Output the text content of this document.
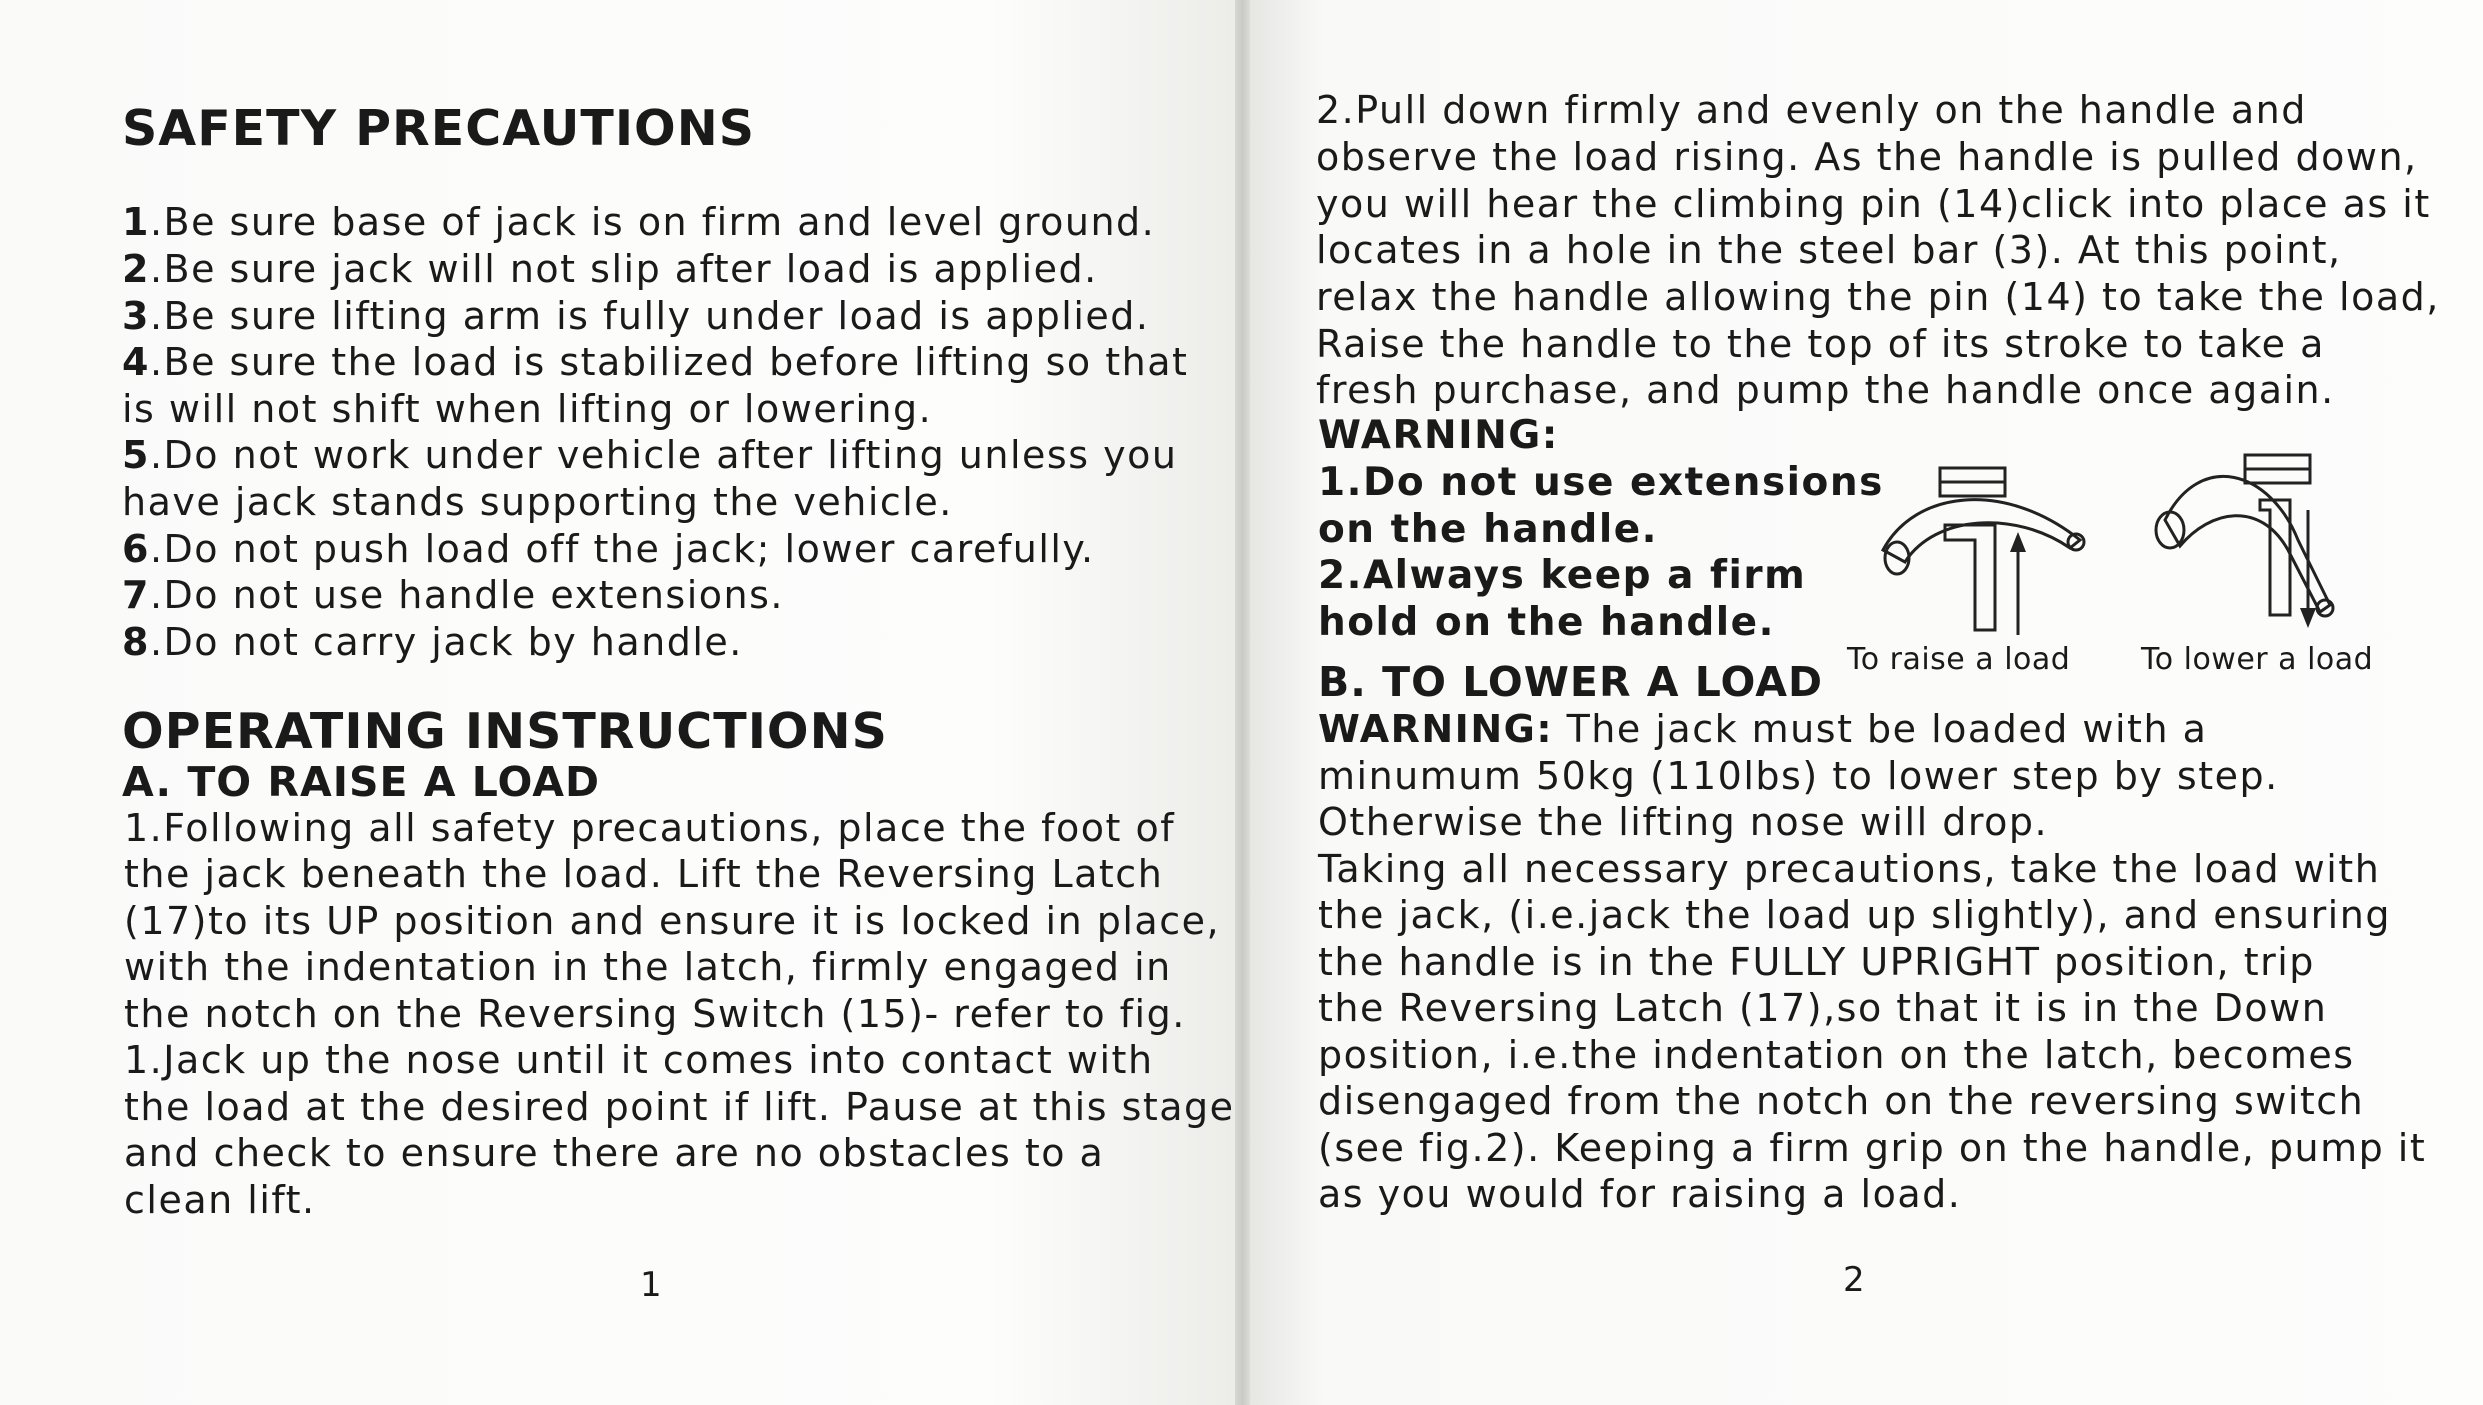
SAFETY PRECAUTIONS
1.Be sure base of jack is on firm and level ground.
2.Be sure jack will not slip after load is applied.
3.Be sure lifting arm is fully under load is applied.
4.Be sure the load is stabilized before lifting so that
is will not shift when lifting or lowering.
5.Do not work under vehicle after lifting unless you
have jack stands supporting the vehicle.
6.Do not push load off the jack; lower carefully.
7.Do not use handle extensions.
8.Do not carry jack by handle.
OPERATING INSTRUCTIONS
A. TO RAISE A LOAD
1.Following all safety precautions, place the foot of
the jack beneath the load. Lift the Reversing Latch
(17)to its UP position and ensure it is locked in place,
with the indentation in the latch, firmly engaged in
the notch on the Reversing Switch (15)- refer to fig.
1.Jack up the nose until it comes into contact with
the load at the desired point if lift. Pause at this stage
and check to ensure there are no obstacles to a
clean lift.
1
2.Pull down firmly and evenly on the handle and
observe the load rising. As the handle is pulled down,
you will hear the climbing pin (14)click into place as it
locates in a hole in the steel bar (3). At this point,
relax the handle allowing the pin (14) to take the load,
Raise the handle to the top of its stroke to take a
fresh purchase, and pump the handle once again.
WARNING:
1.Do not use extensions
on the handle.
2.Always keep a firm
hold on the handle.
To raise a load To lower a load
B. TO LOWER A LOAD
WARNING: The jack must be loaded with a
minumum 50kg (110lbs) to lower step by step.
Otherwise the lifting nose will drop.
Taking all necessary precautions, take the load with
the jack, (i.e.jack the load up slightly), and ensuring
the handle is in the FULLY UPRIGHT position, trip
the Reversing Latch (17),so that it is in the Down
position, i.e.the indentation on the latch, becomes
disengaged from the notch on the reversing switch
(see fig.2). Keeping a firm grip on the handle, pump it
as you would for raising a load.
2
